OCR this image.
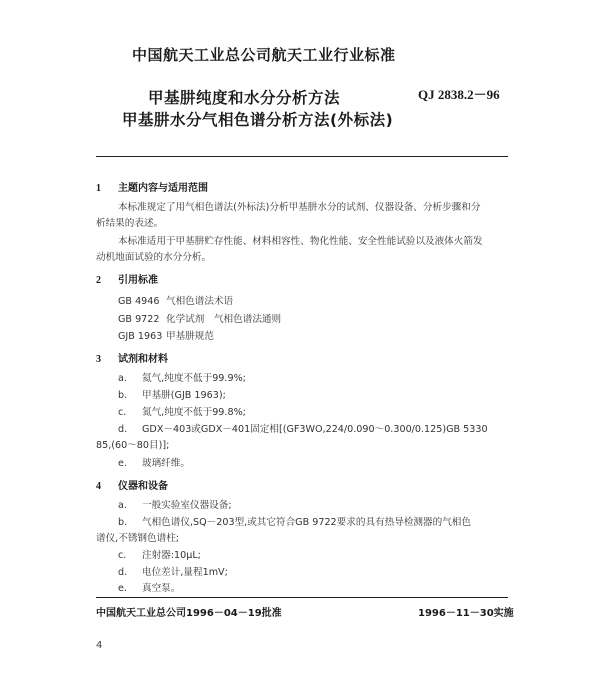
中国航天工业总公司航天工业行业标准
甲基肼纯度和水分分析方法	QJ 2838.2－96
甲基肼水分气相色谱分析方法(外标法)
1 主题内容与适用范围
本标准规定了用气相色谱法(外标法)分析甲基肼水分的试剂、仪器设备、分析步骤和分
析结果的表述。
本标准适用于甲基肼贮存性能、材料相容性、物化性能、安全性能试验以及液体火箭发
动机地面试验的水分分析。
2 引用标准
GB 4946 气相色谱法术语
GB 9722 化学试剂　气相色谱法通则
GJB 1963 甲基肼规范
3 试剂和材料
a. 氦气,纯度不低于99.9%;
b. 甲基肼(GJB 1963);
c. 氮气,纯度不低于99.8%;
d. GDX－403或GDX－401固定相[(GF3WO,224/0.090～0.300/0.125)GB 5330
85,(60～80目)];
e. 玻璃纤维。
4 仪器和设备
a. 一般实验室仪器设备;
b. 气相色谱仪,SQ－203型,或其它符合GB 9722要求的具有热导检测器的气相色
谱仪,不锈钢色谱柱;
c. 注射器:10μL;
d. 电位差计,量程1mV;
e. 真空泵。
中国航天工业总公司1996－04－19批准	1996－11－30实施
4
